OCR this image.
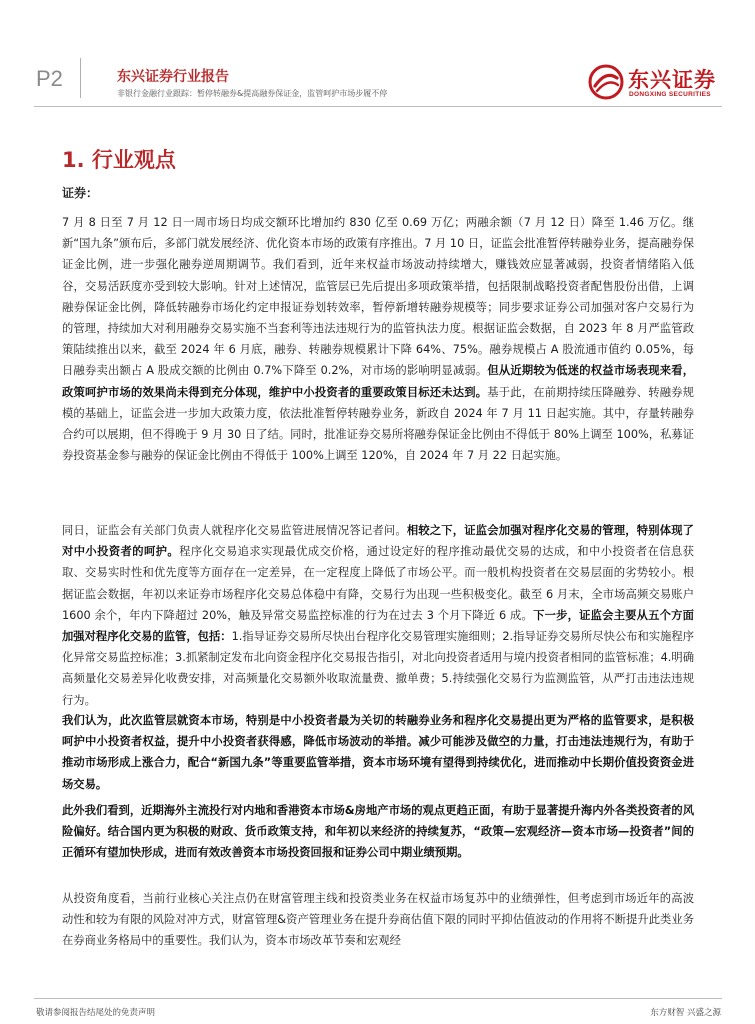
P2	东兴证券行业报告
非银行金融行业跟踪：暂停转融券&提高融券保证金，监管呵护市场步履不停
东兴证券
DONGXING SECURITIES
1. 行业观点
证券：

7 月 8 日至 7 月 12 日一周市场日均成交额环比增加约 830 亿至 0.69 万亿；两融余额（7 月 12 日）降至 1.46 万亿。继新“国九条”颁布后，多部门就发展经济、优化资本市场的政策有序推出。7 月 10 日，证监会批准暂停转融券业务，提高融券保证金比例，进一步强化融券逆周期调节。我们看到，近年来权益市场波动持续增大，赚钱效应显著减弱，投资者情绪陷入低谷，交易活跃度亦受到较大影响。针对上述情况，监管层已先后提出多项政策举措，包括限制战略投资者配售股份出借，上调融券保证金比例，降低转融券市场化约定申报证券划转效率，暂停新增转融券规模等；同步要求证券公司加强对客户交易行为的管理，持续加大对利用融券交易实施不当套利等违法违规行为的监管执法力度。根据证监会数据，自 2023 年 8 月严监管政策陆续推出以来，截至 2024 年 6 月底，融券、转融券规模累计下降 64%、75%。融券规模占 A 股流通市值约 0.05%，每日融券卖出额占 A 股成交额的比例由 0.7%下降至 0.2%，对市场的影响明显减弱。但从近期较为低迷的权益市场表现来看，政策呵护市场的效果尚未得到充分体现，维护中小投资者的重要政策目标还未达到。基于此，在前期持续压降融券、转融券规模的基础上，证监会进一步加大政策力度，依法批准暂停转融券业务，新政自 2024 年 7 月 11 日起实施。其中，存量转融券合约可以展期，但不得晚于 9 月 30 日了结。同时，批准证券交易所将融券保证金比例由不得低于 80%上调至 100%，私募证券投资基金参与融券的保证金比例由不得低于 100%上调至 120%，自 2024 年 7 月 22 日起实施。

同日，证监会有关部门负责人就程序化交易监管进展情况答记者问。相较之下，证监会加强对程序化交易的管理，特别体现了对中小投资者的呵护。程序化交易追求实现最优成交价格，通过设定好的程序推动最优交易的达成，和中小投资者在信息获取、交易实时性和优先度等方面存在一定差异，在一定程度上降低了市场公平。而一般机构投资者在交易层面的劣势较小。根据证监会数据，年初以来证券市场程序化交易总体稳中有降，交易行为出现一些积极变化。截至 6 月末，全市场高频交易账户 1600 余个，年内下降超过 20%，触及异常交易监控标准的行为在过去 3 个月下降近 6 成。下一步，证监会主要从五个方面加强对程序化交易的监管，包括：1.指导证券交易所尽快出台程序化交易管理实施细则；2.指导证券交易所尽快公布和实施程序化异常交易监控标准；3.抓紧制定发布北向资金程序化交易报告指引，对北向投资者适用与境内投资者相同的监管标准；4.明确高频量化交易差异化收费安排，对高频量化交易额外收取流量费、撤单费；5.持续强化交易行为监测监管，从严打击违法违规行为。

我们认为，此次监管层就资本市场，特别是中小投资者最为关切的转融券业务和程序化交易提出更为严格的监管要求，是积极呵护中小投资者权益，提升中小投资者获得感，降低市场波动的举措。减少可能涉及做空的力量，打击违法违规行为，有助于推动市场形成上涨合力，配合“新国九条”等重要监管举措，资本市场环境有望得到持续优化，进而推动中长期价值投资资金进场交易。

此外我们看到，近期海外主流投行对内地和香港资本市场&房地产市场的观点更趋正面，有助于显著提升海内外各类投资者的风险偏好。结合国内更为积极的财政、货币政策支持，和年初以来经济的持续复苏，“政策—宏观经济—资本市场—投资者”间的正循环有望加快形成，进而有效改善资本市场投资回报和证券公司中期业绩预期。

从投资角度看，当前行业核心关注点仍在财富管理主线和投资类业务在权益市场复苏中的业绩弹性，但考虑到市场近年的高波动性和较为有限的风险对冲方式，财富管理&资产管理业务在提升券商估值下限的同时平抑估值波动的作用将不断提升此类业务在券商业务格局中的重要性。我们认为，资本市场改革节奏和宏观经

敬请参阅报告结尾处的免责声明	东方财智 兴盛之源
